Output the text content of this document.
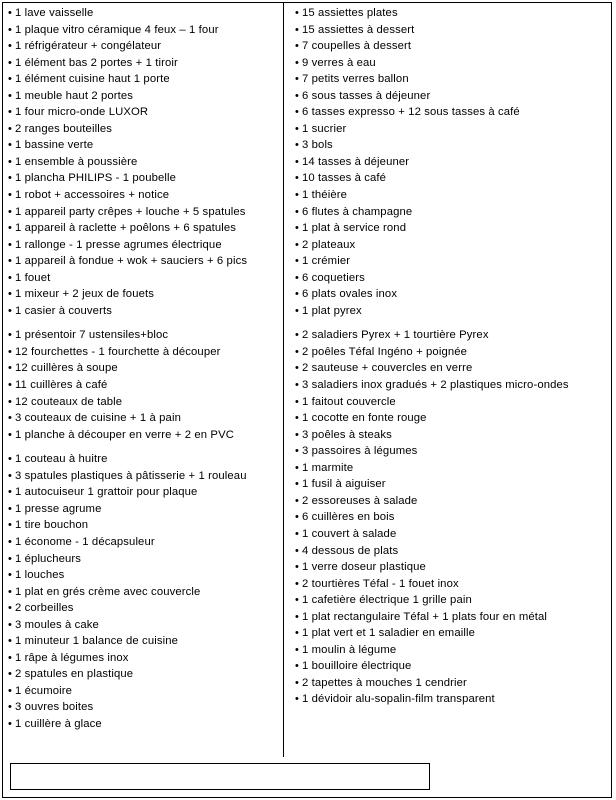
• 1 lave vaisselle
• 1 plaque vitro céramique 4 feux – 1 four
• 1 réfrigérateur + congélateur
• 1 élément bas 2 portes + 1 tiroir
• 1 élément cuisine haut 1 porte
• 1 meuble haut 2 portes
• 1 four micro-onde LUXOR
• 2 ranges bouteilles
• 1 bassine verte
• 1 ensemble à poussière
• 1 plancha PHILIPS - 1 poubelle
• 1 robot + accessoires + notice
• 1 appareil party crêpes + louche + 5 spatules
• 1 appareil à raclette + poêlons + 6 spatules
• 1 rallonge - 1 presse agrumes électrique
• 1 appareil à fondue + wok + sauciers + 6 pics
• 1 fouet
• 1 mixeur + 2 jeux de fouets
• 1 casier à couverts
• 1 présentoir 7 ustensiles+bloc
• 12 fourchettes - 1 fourchette à découper
• 12 cuillères à soupe
• 11 cuillères à café
• 12 couteaux de table
• 3 couteaux de cuisine + 1 à pain
• 1 planche à découper en verre + 2 en PVC
• 1 couteau à huitre
• 3 spatules plastiques à pâtisserie + 1 rouleau
• 1 autocuiseur 1 grattoir pour plaque
• 1 presse agrume
• 1 tire bouchon
• 1 économe - 1 décapsuleur
• 1 éplucheurs
• 1 louches
• 1 plat en grés crème avec couvercle
• 2 corbeilles
• 3 moules à cake
• 1 minuteur 1 balance de cuisine
• 1 râpe à légumes inox
• 2 spatules en plastique
• 1 écumoire
• 3 ouvres boites
• 1 cuillère à glace
• 15 assiettes plates
• 15 assiettes à dessert
• 7 coupelles à dessert
• 9 verres à eau
• 7 petits verres ballon
• 6 sous tasses à déjeuner
• 6 tasses expresso + 12 sous tasses à café
• 1 sucrier
• 3 bols
• 14 tasses à déjeuner
• 10 tasses à café
• 1 théière
• 6 flutes à champagne
• 1 plat à service rond
• 2 plateaux
• 1 crémier
• 6 coquetiers
• 6 plats ovales inox
• 1 plat pyrex
• 2 saladiers Pyrex + 1 tourtière Pyrex
• 2 poêles Téfal Ingéno + poignée
• 2 sauteuse + couvercles en verre
• 3 saladiers inox gradués + 2 plastiques micro-ondes
• 1 faitout couvercle
• 1 cocotte en fonte rouge
• 3 poêles à steaks
• 3 passoires à légumes
• 1 marmite
• 1 fusil à aiguiser
• 2 essoreuses à salade
• 6 cuillères en bois
• 1 couvert à salade
• 4 dessous de plats
• 1 verre doseur plastique
• 2 tourtières Téfal - 1 fouet inox
• 1 cafetière électrique 1 grille pain
• 1 plat rectangulaire Téfal + 1 plats four en métal
• 1 plat vert et 1 saladier en emaille
• 1 moulin à légume
• 1 bouilloire électrique
• 2 tapettes à mouches 1 cendrier
• 1 dévidoir alu-sopalin-film transparent
